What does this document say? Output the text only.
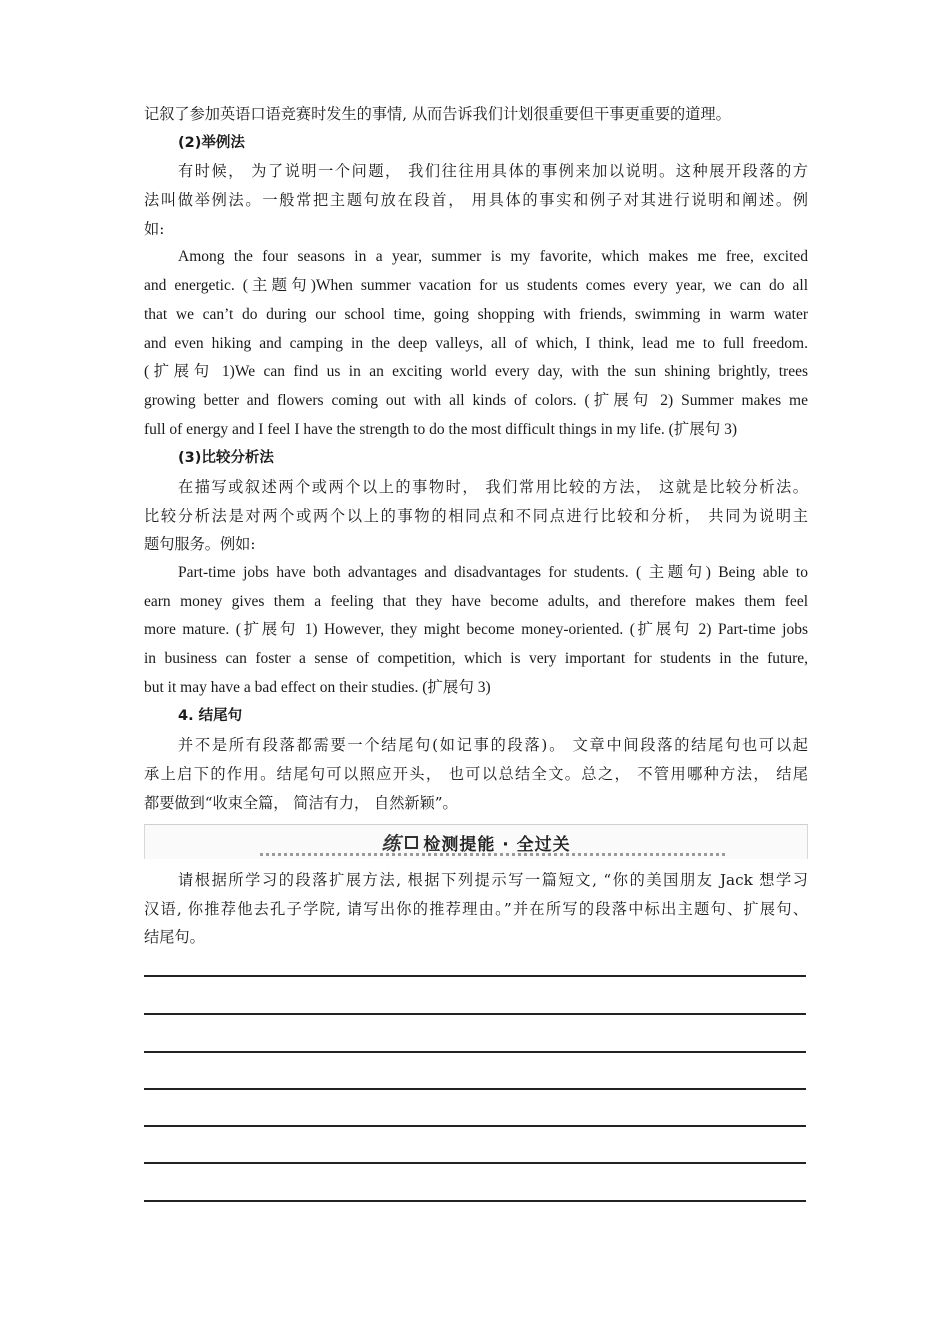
记叙了参加英语口语竞赛时发生的事情, 从而告诉我们计划很重要但干事更重要的道理。
(2)举例法
有时候， 为了说明一个问题， 我们往往用具体的事例来加以说明。这种展开段落的方
法叫做举例法。一般常把主题句放在段首， 用具体的事实和例子对其进行说明和阐述。例
如:
Among the four seasons in a year, summer is my favorite, which makes me free, excited
and energetic. (主题句)When summer vacation for us students comes every year, we can do all
that we can’t do during our school time, going shopping with friends, swimming in warm water
and even hiking and camping in the deep valleys, all of which, I think, lead me to full freedom.
(扩展句 1)We can find us in an exciting world every day, with the sun shining brightly, trees
growing better and flowers coming out with all kinds of colors. (扩展句 2) Summer makes me
full of energy and I feel I have the strength to do the most difficult things in my life. (扩展句 3)
(3)比较分析法
在描写或叙述两个或两个以上的事物时， 我们常用比较的方法， 这就是比较分析法。
比较分析法是对两个或两个以上的事物的相同点和不同点进行比较和分析， 共同为说明主
题句服务。例如:
Part-time jobs have both advantages and disadvantages for students. ( 主题句) Being able to
earn money gives them a feeling that they have become adults, and therefore makes them feel
more mature. (扩展句 1) However, they might become money-oriented. (扩展句 2) Part-time jobs
in business can foster a sense of competition, which is very important for students in the future,
but it may have a bad effect on their studies. (扩展句 3)
4. 结尾句
并不是所有段落都需要一个结尾句(如记事的段落)。 文章中间段落的结尾句也可以起
承上启下的作用。结尾句可以照应开头， 也可以总结全文。总之， 不管用哪种方法， 结尾
都要做到“收束全篇， 简洁有力， 自然新颖”。
练 检测提能 · 全过关
请根据所学习的段落扩展方法, 根据下列提示写一篇短文, “你的美国朋友 Jack 想学习
汉语, 你推荐他去孔子学院, 请写出你的推荐理由。”并在所写的段落中标出主题句、扩展句、
结尾句。
